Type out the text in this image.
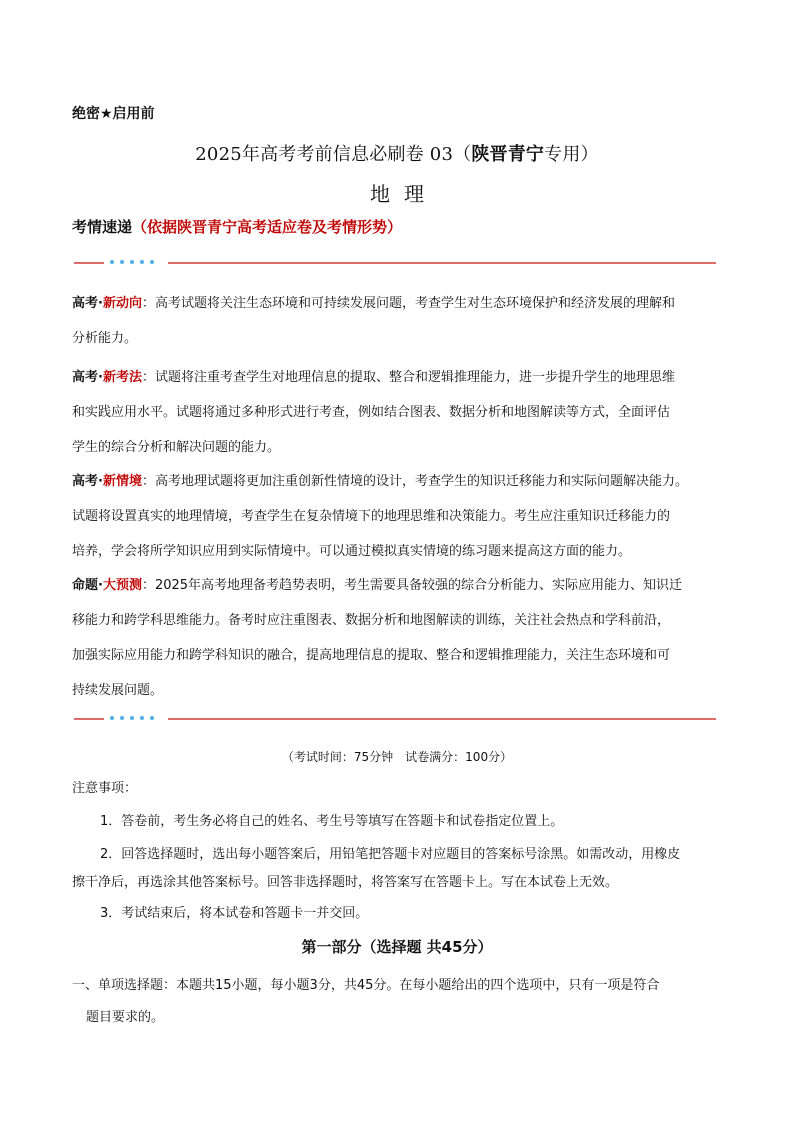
绝密★启用前
2025年高考考前信息必刷卷 03（陕晋青宁专用）
地理
考情速递（依据陕晋青宁高考适应卷及考情形势）
高考·新动向：高考试题将关注生态环境和可持续发展问题，考查学生对生态环境保护和经济发展的理解和
分析能力。
高考·新考法：试题将注重考查学生对地理信息的提取、整合和逻辑推理能力，进一步提升学生的地理思维
和实践应用水平。试题将通过多种形式进行考查，例如结合图表、数据分析和地图解读等方式，全面评估
学生的综合分析和解决问题的能力。
高考·新情境：高考地理试题将更加注重创新性情境的设计，考查学生的知识迁移能力和实际问题解决能力。
试题将设置真实的地理情境，考查学生在复杂情境下的地理思维和决策能力。考生应注重知识迁移能力的
培养，学会将所学知识应用到实际情境中。可以通过模拟真实情境的练习题来提高这方面的能力。
命题·大预测：2025年高考地理备考趋势表明，考生需要具备较强的综合分析能力、实际应用能力、知识迁
移能力和跨学科思维能力。备考时应注重图表、数据分析和地图解读的训练，关注社会热点和学科前沿，
加强实际应用能力和跨学科知识的融合，提高地理信息的提取、整合和逻辑推理能力，关注生态环境和可
持续发展问题。
（考试时间：75分钟　试卷满分：100分）
注意事项：
1．答卷前，考生务必将自己的姓名、考生号等填写在答题卡和试卷指定位置上。
2．回答选择题时，选出每小题答案后，用铅笔把答题卡对应题目的答案标号涂黑。如需改动，用橡皮
擦干净后，再选涂其他答案标号。回答非选择题时，将答案写在答题卡上。写在本试卷上无效。
3．考试结束后，将本试卷和答题卡一并交回。
第一部分（选择题 共45分）
一、单项选择题：本题共15小题，每小题3分，共45分。在每小题给出的四个选项中，只有一项是符合
题目要求的。
